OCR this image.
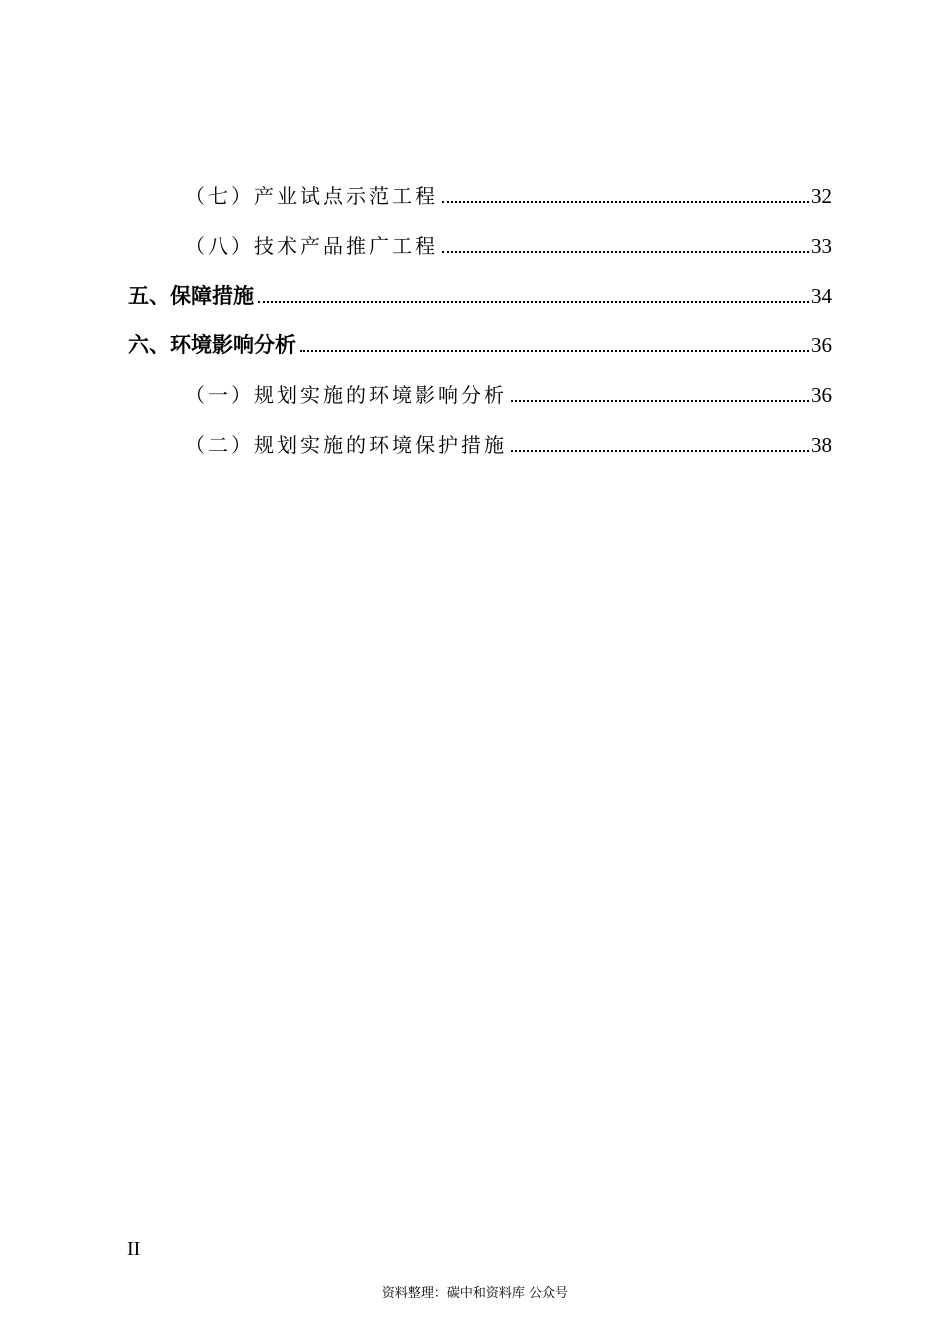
（七）产业试点示范工程	32
（八）技术产品推广工程	33
五、保障措施	34
六、环境影响分析	36
（一）规划实施的环境影响分析	36
（二）规划实施的环境保护措施	38
II
资料整理：碳中和资料库 公众号
